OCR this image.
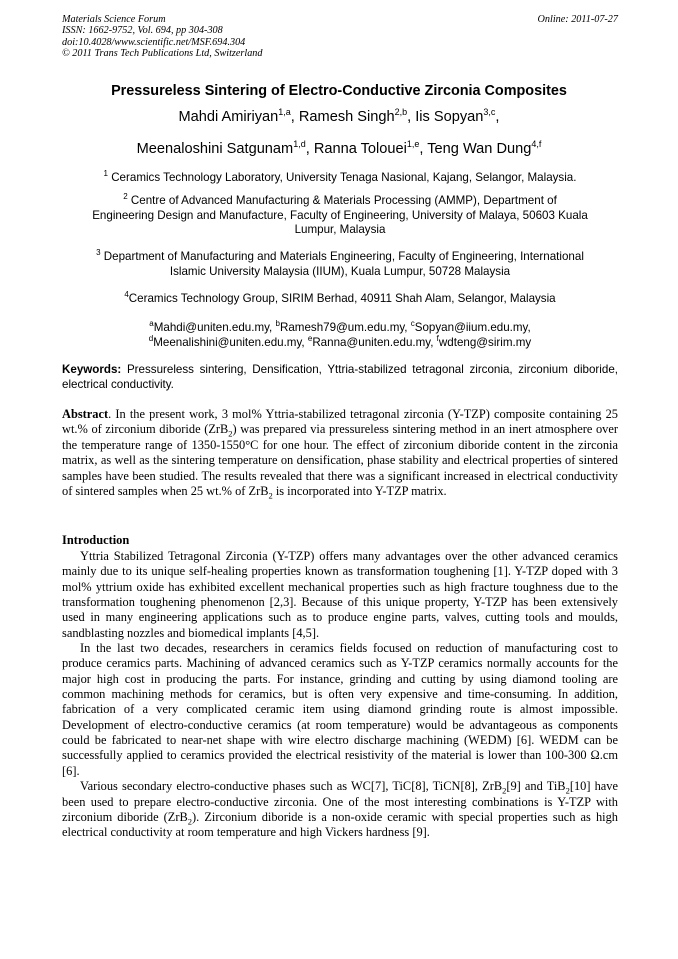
Materials Science Forum
ISSN: 1662-9752, Vol. 694, pp 304-308
doi:10.4028/www.scientific.net/MSF.694.304
© 2011 Trans Tech Publications Ltd, Switzerland
Online: 2011-07-27
Pressureless Sintering of Electro-Conductive Zirconia Composites
Mahdi Amiriyan$^{1,a}$, Ramesh Singh$^{2,b}$, Iis Sopyan$^{3,c}$,
Meenaloshini Satgunam$^{1,d}$, Ranna Tolouei$^{1,e}$, Teng Wan Dung$^{4,f}$
$^1$ Ceramics Technology Laboratory, University Tenaga Nasional, Kajang, Selangor, Malaysia.
$^2$ Centre of Advanced Manufacturing & Materials Processing (AMMP), Department of
Engineering Design and Manufacture, Faculty of Engineering, University of Malaya, 50603 Kuala
Lumpur, Malaysia
$^3$ Department of Manufacturing and Materials Engineering, Faculty of Engineering, International
Islamic University Malaysia (IIUM), Kuala Lumpur, 50728 Malaysia
$^4$Ceramics Technology Group, SIRIM Berhad, 40911 Shah Alam, Selangor, Malaysia
$^a$Mahdi@uniten.edu.my, $^b$Ramesh79@um.edu.my, $^c$Sopyan@iium.edu.my,
$^d$Meenalishini@uniten.edu.my, $^e$Ranna@uniten.edu.my, $^f$wdteng@sirim.my
Keywords: Pressureless sintering, Densification, Yttria-stabilized tetragonal zirconia, zirconium diboride, electrical conductivity.
Abstract. In the present work, 3 mol% Yttria-stabilized tetragonal zirconia (Y-TZP) composite containing 25 wt.% of zirconium diboride (ZrB$_2$) was prepared via pressureless sintering method in an inert atmosphere over the temperature range of 1350-1550°C for one hour. The effect of zirconium diboride content in the zirconia matrix, as well as the sintering temperature on densification, phase stability and electrical properties of sintered samples have been studied. The results revealed that there was a significant increased in electrical conductivity of sintered samples when 25 wt.% of ZrB$_2$ is incorporated into Y-TZP matrix.
Introduction

Yttria Stabilized Tetragonal Zirconia (Y-TZP) offers many advantages over the other advanced ceramics mainly due to its unique self-healing properties known as transformation toughening [1]. Y-TZP doped with 3 mol% yttrium oxide has exhibited excellent mechanical properties such as high fracture toughness due to the transformation toughening phenomenon [2,3]. Because of this unique property, Y-TZP has been extensively used in many engineering applications such as to produce engine parts, valves, cutting tools and moulds, sandblasting nozzles and biomedical implants [4,5].

In the last two decades, researchers in ceramics fields focused on reduction of manufacturing cost to produce ceramics parts. Machining of advanced ceramics such as Y-TZP ceramics normally accounts for the major high cost in producing the parts. For instance, grinding and cutting by using diamond tooling are common machining methods for ceramics, but is often very expensive and time-consuming. In addition, fabrication of a very complicated ceramic item using diamond grinding route is almost impossible. Development of electro-conductive ceramics (at room temperature) would be advantageous as components could be fabricated to near-net shape with wire electro discharge machining (WEDM) [6]. WEDM can be successfully applied to ceramics provided the electrical resistivity of the material is lower than 100-300 Ω.cm [6].

Various secondary electro-conductive phases such as WC[7], TiC[8], TiCN[8], ZrB$_2$[9] and TiB$_2$[10] have been used to prepare electro-conductive zirconia. One of the most interesting combinations is Y-TZP with zirconium diboride (ZrB$_2$). Zirconium diboride is a non-oxide ceramic with special properties such as high electrical conductivity at room temperature and high Vickers hardness [9].
